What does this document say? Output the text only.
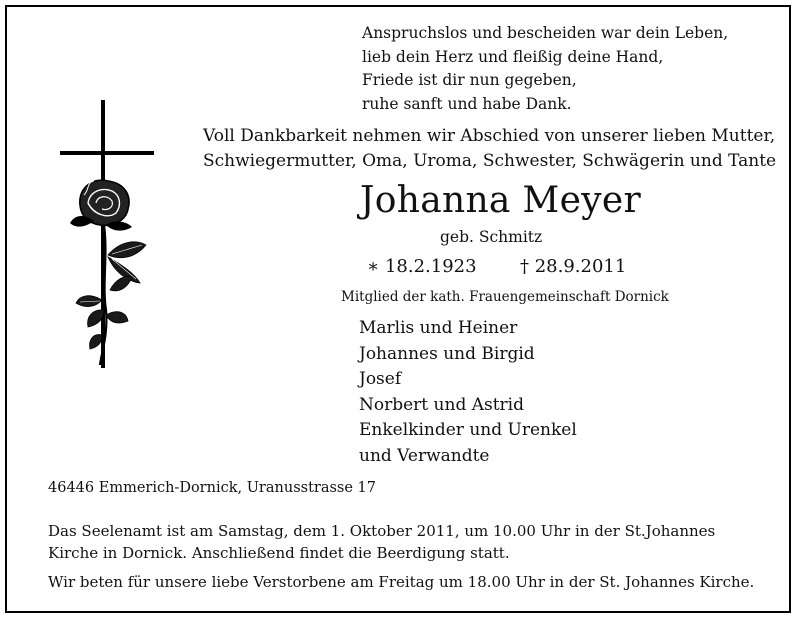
Anspruchslos und bescheiden war dein Leben,
lieb dein Herz und fleißig deine Hand,
Friede ist dir nun gegeben,
ruhe sanft und habe Dank.
Voll Dankbarkeit nehmen wir Abschied von unserer lieben Mutter,
Schwiegermutter, Oma, Uroma, Schwester, Schwägerin und Tante
Johanna Meyer
geb. Schmitz
∗ 18.2.1923 † 28.9.2011
Mitglied der kath. Frauengemeinschaft Dornick
Marlis und Heiner
Johannes und Birgid
Josef
Norbert und Astrid
Enkelkinder und Urenkel
und Verwandte
46446 Emmerich-Dornick, Uranusstrasse 17
Das Seelenamt ist am Samstag, dem 1. Oktober 2011, um 10.00 Uhr in der St.Johannes Kirche in Dornick. Anschließend findet die Beerdigung statt.
Wir beten für unsere liebe Verstorbene am Freitag um 18.00 Uhr in der St. Johannes Kirche.
